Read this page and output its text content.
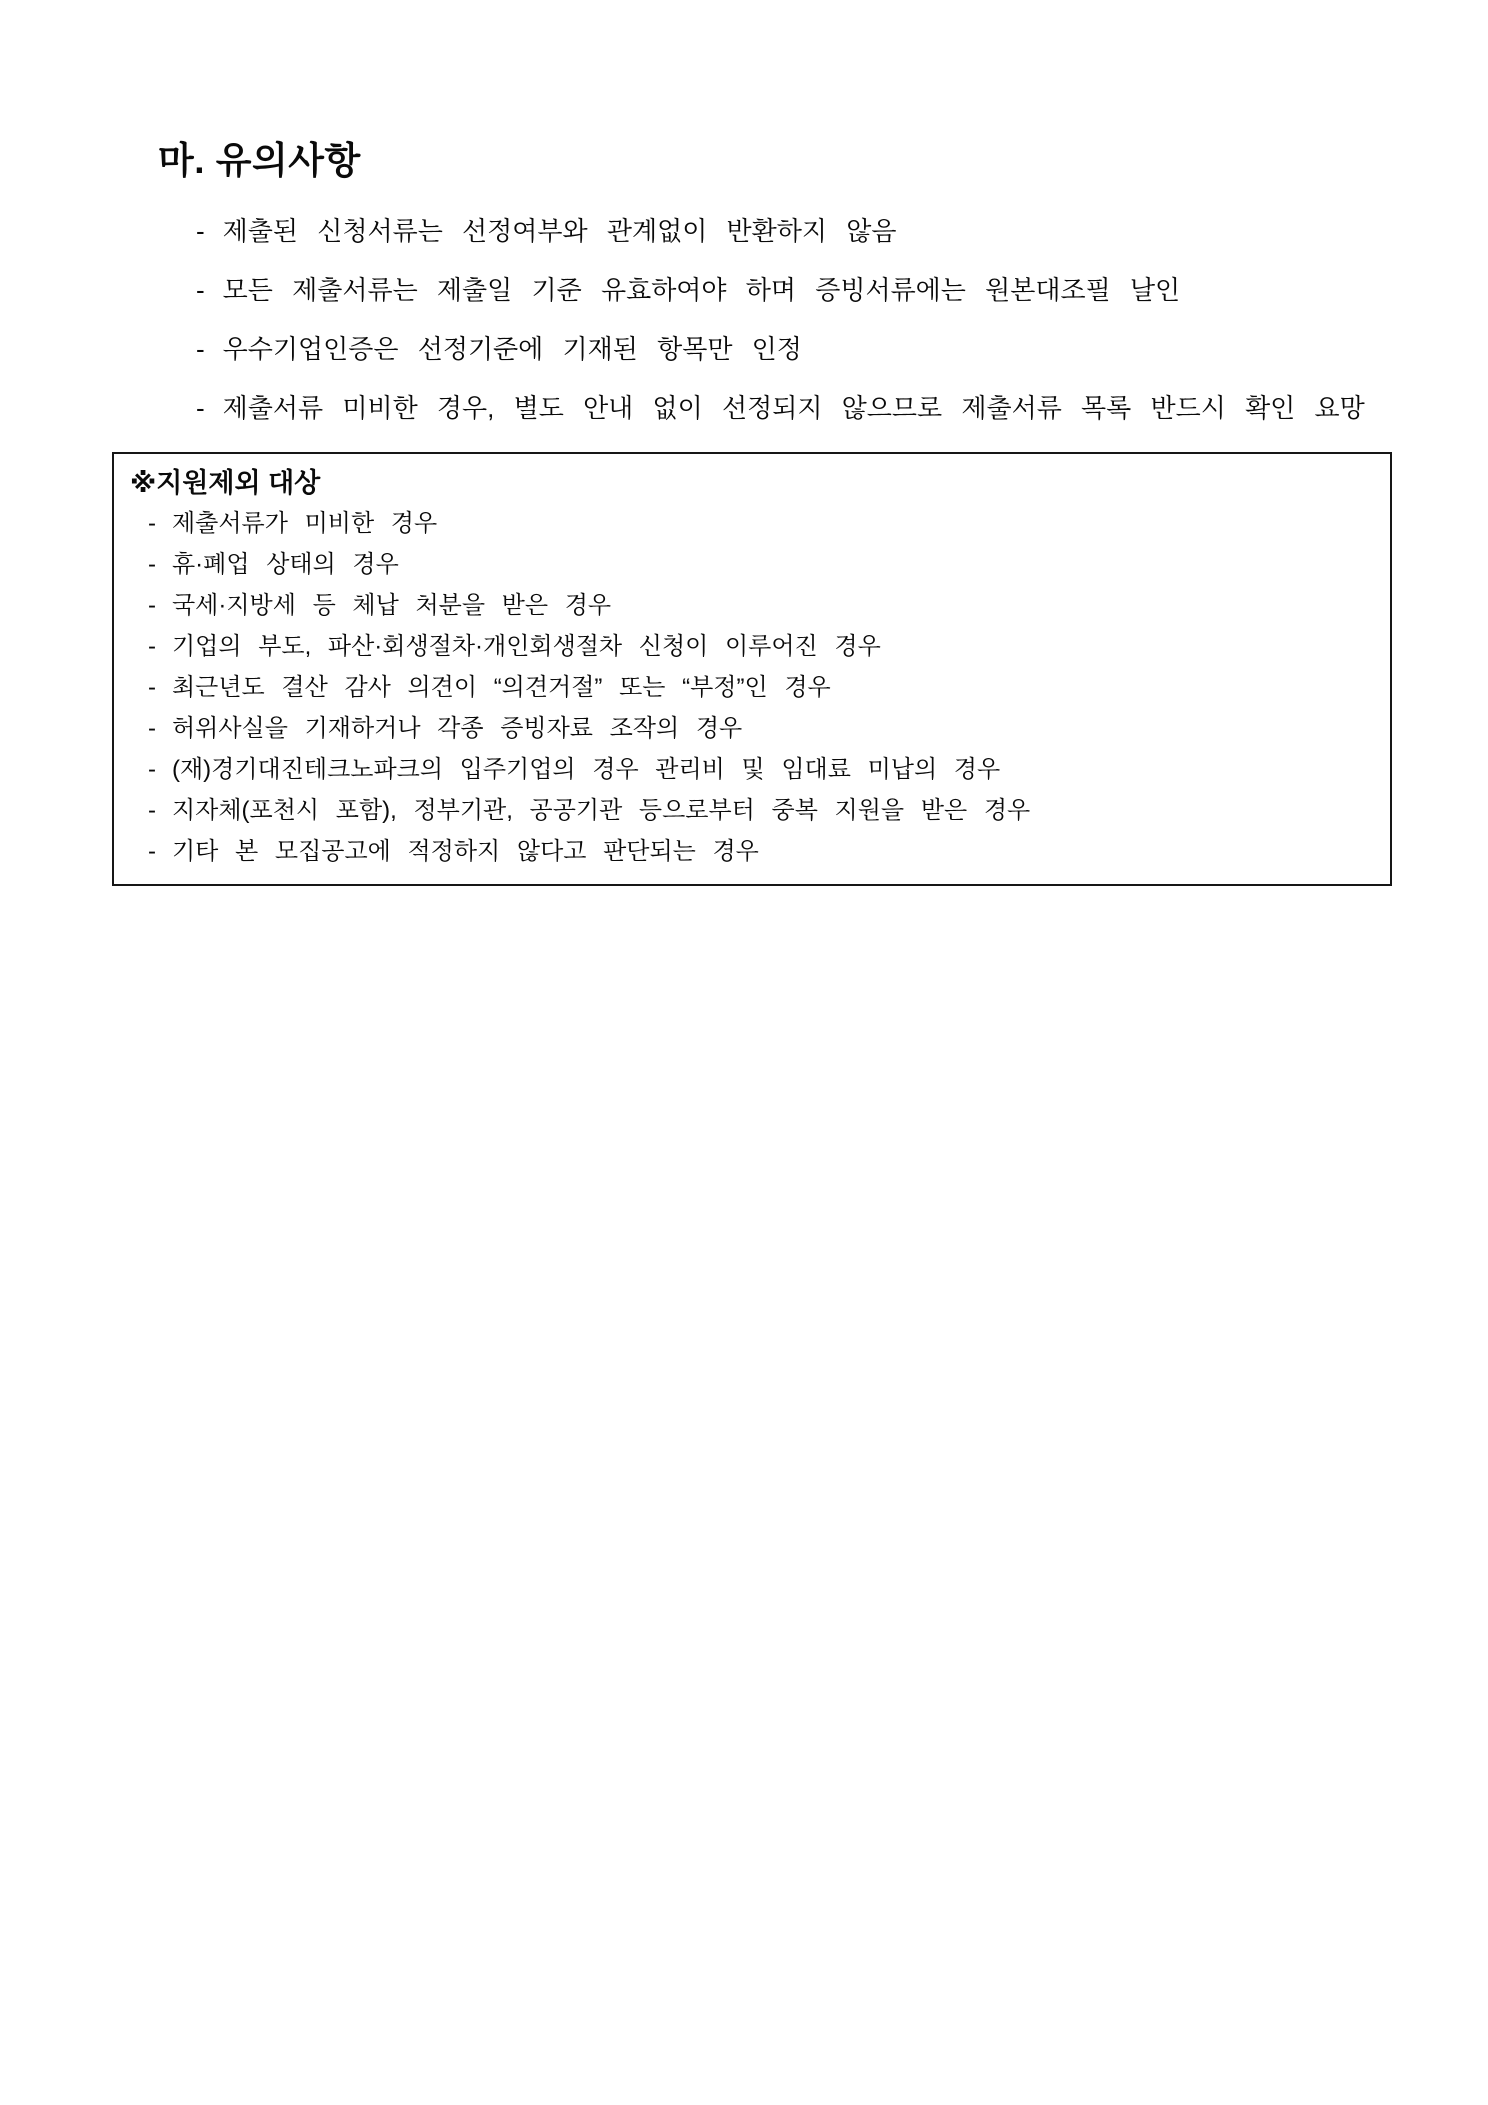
마. 유의사항
- 제출된 신청서류는 선정여부와 관계없이 반환하지 않음
- 모든 제출서류는 제출일 기준 유효하여야 하며 증빙서류에는 원본대조필 날인
- 우수기업인증은 선정기준에 기재된 항목만 인정
- 제출서류 미비한 경우, 별도 안내 없이 선정되지 않으므로 제출서류 목록 반드시 확인 요망
※지원제외 대상
- 제출서류가 미비한 경우
- 휴·폐업 상태의 경우
- 국세·지방세 등 체납 처분을 받은 경우
- 기업의 부도, 파산·회생절차·개인회생절차 신청이 이루어진 경우
- 최근년도 결산 감사 의견이 “의견거절” 또는 “부정”인 경우
- 허위사실을 기재하거나 각종 증빙자료 조작의 경우
- (재)경기대진테크노파크의 입주기업의 경우 관리비 및 임대료 미납의 경우
- 지자체(포천시 포함), 정부기관, 공공기관 등으로부터 중복 지원을 받은 경우
- 기타 본 모집공고에 적정하지 않다고 판단되는 경우
